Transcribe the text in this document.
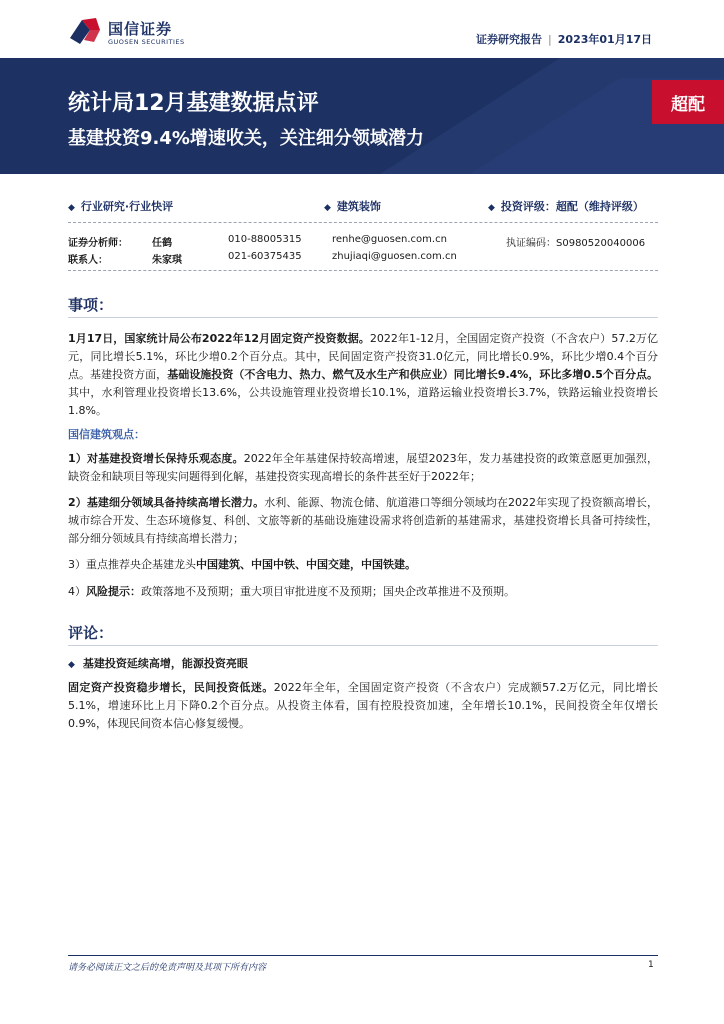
国信证券
GUOSEN SECURITIES	证券研究报告 | 2023年01月17日
统计局12月基建数据点评
基建投资9.4%增速收关，关注细分领域潜力
超配
◆ 行业研究·行业快评	◆ 建筑装饰	◆ 投资评级：超配（维持评级）
证券分析师： 任鹤	010-88005315	renhe@guosen.com.cn	执证编码：S0980520040006
联系人：	朱家琪	021-60375435	zhujiaqi@guosen.com.cn
事项：
1月17日，国家统计局公布2022年12月固定资产投资数据。2022年1-12月，全国固定资产投资（不含农户）57.2万亿元，同比增长5.1%，环比少增0.2个百分点。其中，民间固定资产投资31.0亿元，同比增长0.9%，环比少增0.4个百分点。基建投资方面，基础设施投资（不含电力、热力、燃气及水生产和供应业）同比增长9.4%，环比多增0.5个百分点。其中，水利管理业投资增长13.6%，公共设施管理业投资增长10.1%，道路运输业投资增长3.7%，铁路运输业投资增长1.8%。
国信建筑观点：
1）对基建投资增长保持乐观态度。2022年全年基建保持较高增速，展望2023年，发力基建投资的政策意愿更加强烈，缺资金和缺项目等现实问题得到化解，基建投资实现高增长的条件甚至好于2022年；
2）基建细分领域具备持续高增长潜力。水利、能源、物流仓储、航道港口等细分领域均在2022年实现了投资额高增长，城市综合开发、生态环境修复、科创、文旅等新的基础设施建设需求将创造新的基建需求，基建投资增长具备可持续性，部分细分领域具有持续高增长潜力；
3）重点推荐央企基建龙头中国建筑、中国中铁、中国交建，中国铁建。
4）风险提示：政策落地不及预期；重大项目审批进度不及预期；国央企改革推进不及预期。
评论：
◆ 基建投资延续高增，能源投资亮眼
固定资产投资稳步增长，民间投资低迷。2022年全年，全国固定资产投资（不含农户）完成额57.2万亿元，同比增长5.1%，增速环比上月下降0.2个百分点。从投资主体看，国有控股投资加速，全年增长10.1%，民间投资全年仅增长0.9%，体现民间资本信心修复缓慢。
请务必阅读正文之后的免责声明及其项下所有内容	1
